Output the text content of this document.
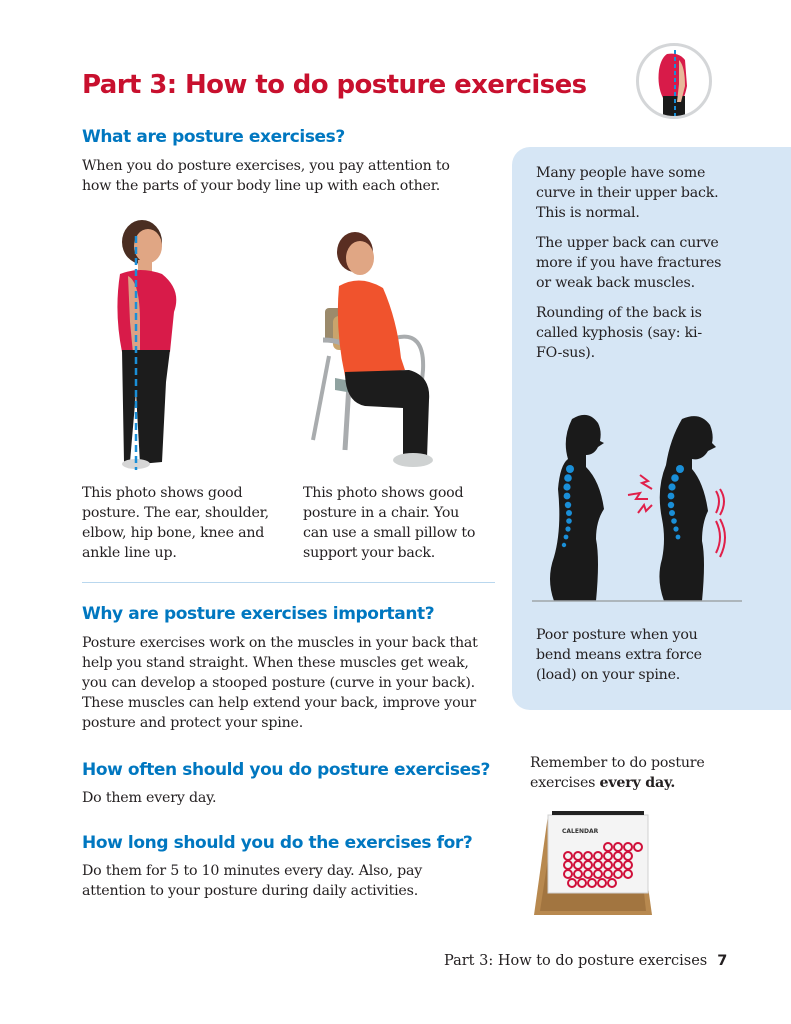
Part 3: How to do posture exercises
What are posture exercises?
When you do posture exercises, you pay attention to how the parts of your body line up with each other.
This photo shows good posture. The ear, shoulder, elbow, hip bone, knee and ankle line up.
This photo shows good posture in a chair. You can use a small pillow to support your back.

Many people have some curve in their upper back. This is normal.

The upper back can curve more if you have fractures or weak back muscles.

Rounding of the back is called kyphosis (say: ki-FO-sus).

Poor posture when you bend means extra force (load) on your spine.
Why are posture exercises important?
Posture exercises work on the muscles in your back that help you stand straight. When these muscles get weak, you can develop a stooped posture (curve in your back). These muscles can help extend your back, improve your posture and protect your spine.
How often should you do posture exercises?
Do them every day.
How long should you do the exercises for?
Do them for 5 to 10 minutes every day. Also, pay attention to your posture during daily activities.
Remember to do posture exercises every day.
CALENDAR
Part 3: How to do posture exercises 7
